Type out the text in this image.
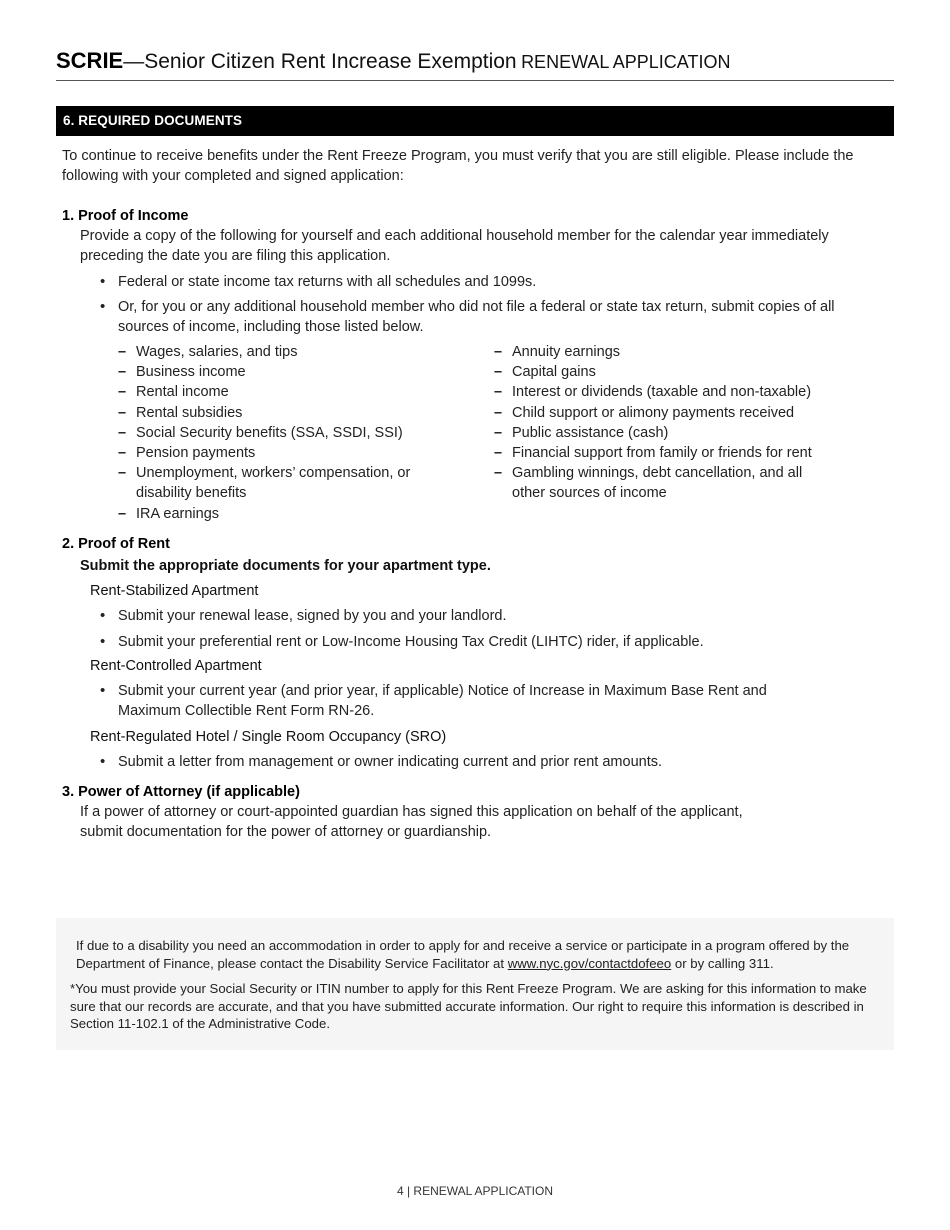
SCRIE—Senior Citizen Rent Increase Exemption RENEWAL APPLICATION
6. REQUIRED DOCUMENTS
To continue to receive benefits under the Rent Freeze Program, you must verify that you are still eligible. Please include the following with your completed and signed application:
1. Proof of Income
Provide a copy of the following for yourself and each additional household member for the calendar year immediately preceding the date you are filing this application.
• Federal or state income tax returns with all schedules and 1099s.
• Or, for you or any additional household member who did not file a federal or state tax return, submit copies of all sources of income, including those listed below.
– Wages, salaries, and tips
– Business income
– Rental income
– Rental subsidies
– Social Security benefits (SSA, SSDI, SSI)
– Pension payments
– Unemployment, workers’ compensation, or disability benefits
– IRA earnings
– Annuity earnings
– Capital gains
– Interest or dividends (taxable and non-taxable)
– Child support or alimony payments received
– Public assistance (cash)
– Financial support from family or friends for rent
– Gambling winnings, debt cancellation, and all other sources of income
2. Proof of Rent
Submit the appropriate documents for your apartment type.
Rent-Stabilized Apartment
• Submit your renewal lease, signed by you and your landlord.
• Submit your preferential rent or Low-Income Housing Tax Credit (LIHTC) rider, if applicable.
Rent-Controlled Apartment
• Submit your current year (and prior year, if applicable) Notice of Increase in Maximum Base Rent and Maximum Collectible Rent Form RN-26.
Rent-Regulated Hotel / Single Room Occupancy (SRO)
• Submit a letter from management or owner indicating current and prior rent amounts.
3. Power of Attorney (if applicable)
If a power of attorney or court-appointed guardian has signed this application on behalf of the applicant, submit documentation for the power of attorney or guardianship.
If due to a disability you need an accommodation in order to apply for and receive a service or participate in a program offered by the Department of Finance, please contact the Disability Service Facilitator at www.nyc.gov/contactdofeeo or by calling 311.
*You must provide your Social Security or ITIN number to apply for this Rent Freeze Program. We are asking for this information to make sure that our records are accurate, and that you have submitted accurate information. Our right to require this information is described in Section 11-102.1 of the Administrative Code.
4 | RENEWAL APPLICATION
